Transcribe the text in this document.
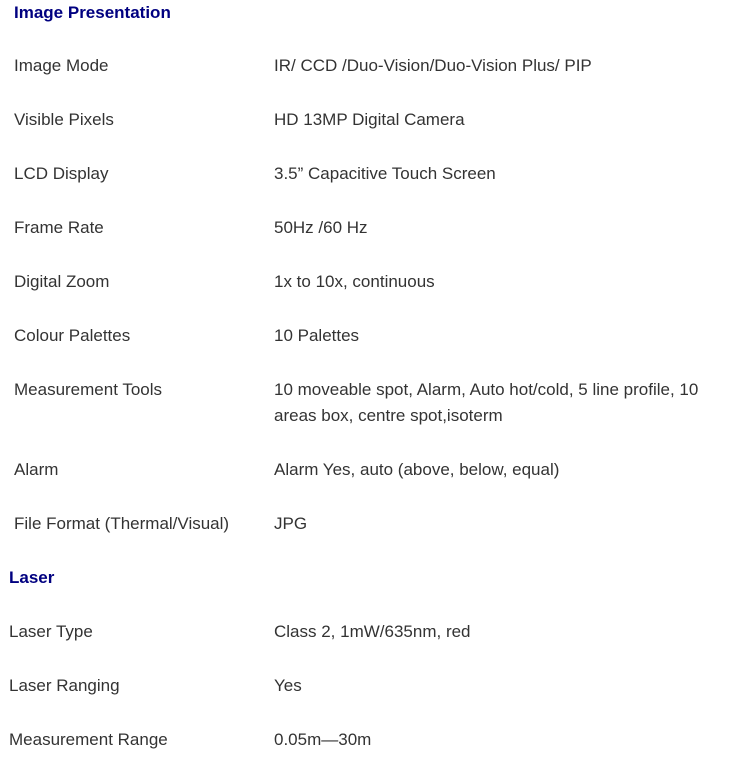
Image Presentation	
Image Mode	IR/ CCD /Duo-Vision/Duo-Vision Plus/ PIP
Visible Pixels	HD 13MP Digital Camera
LCD Display	3.5” Capacitive Touch Screen
Frame Rate	50Hz /60 Hz
Digital Zoom	1x to 10x, continuous
Colour Palettes	10 Palettes
Measurement Tools	10 moveable spot, Alarm, Auto hot/cold, 5 line profile, 10 areas box, centre spot,isoterm
Alarm	Alarm Yes, auto (above, below, equal)
File Format (Thermal/Visual)	JPG
Laser	
Laser Type	Class 2, 1mW/635nm, red
Laser Ranging	Yes
Measurement Range	0.05m—30m
